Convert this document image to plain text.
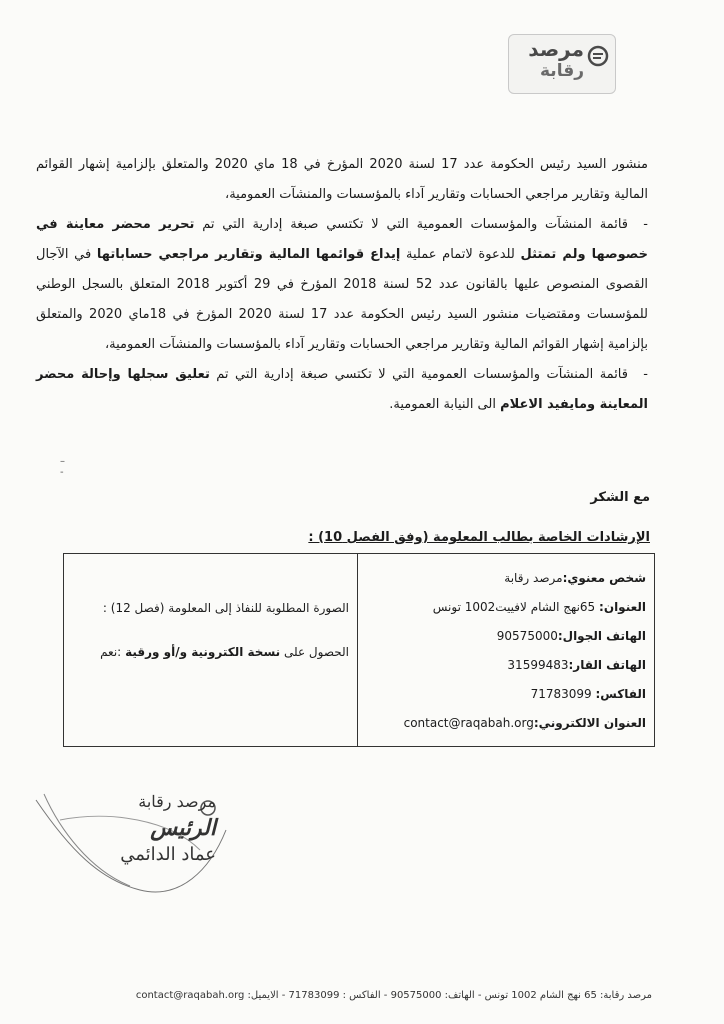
مرصد
رقابة

منشور السيد رئيس الحكومة عدد 17 لسنة 2020 المؤرخ في 18 ماي 2020 والمتعلق بإلزامية إشهار القوائم المالية وتقارير مراجعي الحسابات وتقارير آداء بالمؤسسات والمنشآت العمومية،

-قائمة المنشآت والمؤسسات العمومية التي لا تكتسي صبغة إدارية التي تم تحرير محضر معاينة في خصوصها ولم تمتثل للدعوة لاتمام عملية إيداع قوائمها المالية وتقارير مراجعي حساباتها في الآجال القصوى المنصوص عليها بالقانون عدد 52 لسنة 2018 المؤرخ في 29 أكتوبر 2018 المتعلق بالسجل الوطني للمؤسسات ومقتضيات منشور السيد رئيس الحكومة عدد 17 لسنة 2020 المؤرخ في 18ماي 2020 والمتعلق بإلزامية إشهار القوائم المالية وتقارير مراجعي الحسابات وتقارير آداء بالمؤسسات والمنشآت العمومية،

-قائمة المنشآت والمؤسسات العمومية التي لا تكتسي صبغة إدارية التي تم تعليق سجلها وإحالة محضر المعاينة ومايفيد الاعلام الى النيابة العمومية.

–
-
مع الشكر
الإرشادات الخاصة بطالب المعلومة (وفق الفصل 10) :
شخص معنوي:مرصد رقابة
العنوان: 65نهج الشام لافييت1002 تونس
الهاتف الجوال:90575000
الهاتف القار:31599483
الفاكس: 71783099
العنوان الالكتروني:contact@raqabah.org
الصورة المطلوبة للنفاذ إلى المعلومة (فصل 12) :
الحصول على نسخة الكترونية و/أو ورقية :نعم
مرصد رقابة
الرئيس
عماد الدائمي
مرصد رقابة: 65 نهج الشام 1002 تونس - الهاتف: 90575000 - الفاكس : 71783099 - الايميل: contact@raqabah.org
